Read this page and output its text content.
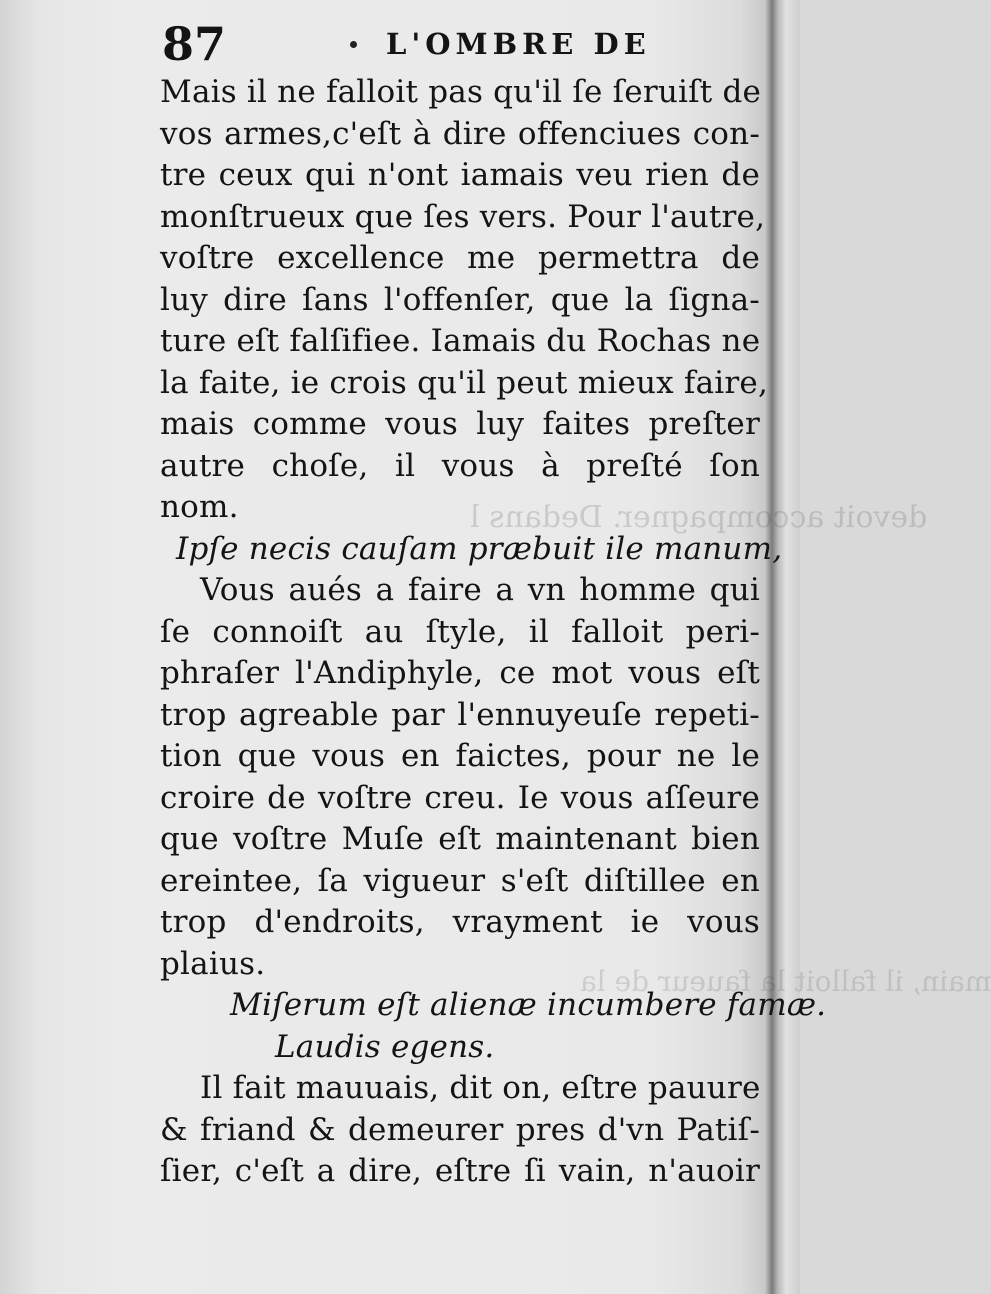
devoit accompagner. Dedans l
main, il falloit la faueur de la
87	L'OMBRE DE
Mais il ne falloit pas qu'il ſe ſeruiſt de
vos armes,c'eſt à dire offenciues con-
tre ceux qui n'ont iamais veu rien de
monſtrueux que ſes vers. Pour l'autre,
voſtre excellence me permettra de
luy dire ſans l'offenſer, que la ſigna-
ture eſt falſifiee. Iamais du Rochas ne
la faite, ie crois qu'il peut mieux faire,
mais comme vous luy faites preſter
autre choſe, il vous à preſté ſon
nom.
Ipſe necis cauſam præbuit ile manum,
Vous aués a faire a vn homme qui
ſe connoiſt au ſtyle, il falloit peri-
phraſer l'Andiphyle, ce mot vous eſt
trop agreable par l'ennuyeuſe repeti-
tion que vous en faictes, pour ne le
croire de voſtre creu. Ie vous aſſeure
que voſtre Muſe eſt maintenant bien
ereintee, ſa vigueur s'eſt diſtillee en
trop d'endroits, vrayment ie vous
plaius.
Miſerum eſt alienæ incumbere famæ.
Laudis egens.
Il fait mauuais, dit on, eſtre pauure
& friand & demeurer pres d'vn Patiſ-
ſier, c'eſt a dire, eſtre ſi vain, n'auoir
